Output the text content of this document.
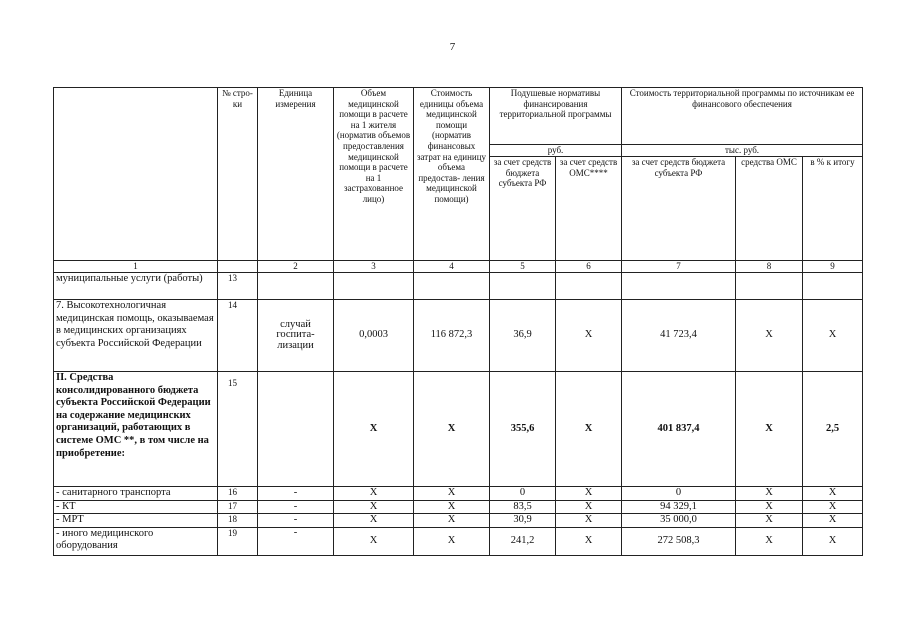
7
	№ стро- ки	Единица измерения	Объем медицинской помощи в расчете на 1 жителя (норматив объемов предоставления медицинской помощи в расчете на 1 застрахованное лицо)	Стоимость единицы объема медицинской помощи (норматив финансовых затрат на единицу объема предостав- ления медицинской помощи)	Подушевые нормативы финансирования территориальной программы		Стоимость территориальной программы по источникам ее финансового обеспечения		
					руб.		тыс. руб.		
					за счет средств бюджета субъекта РФ	за счет средств ОМС****	за счет средств бюджета субъекта РФ	средства ОМС	в % к итогу
1		2	3	4	5	6	7	8	9
муниципальные услуги (работы)	13								
7. Высокотехнологичная медицинская помощь, оказываемая в медицинских организациях субъекта Российской Федерации	14	случай госпита- лизации	0,0003	116 872,3	36,9	X	41 723,4	X	X
II. Средства консолидированного бюджета субъекта Российской Федерации на содержание медицинских организаций, работающих в системе ОМС **, в том числе на приобретение:	15		X	X	355,6	X	401 837,4	X	2,5
- санитарного транспорта	16	-	X	X	0	X	0	X	X
- КТ	17	-	X	X	83,5	X	94 329,1	X	X
- МРТ	18	-	X	X	30,9	X	35 000,0	X	X
- иного медицинского оборудования	19	-	X	X	241,2	X	272 508,3	X	X
